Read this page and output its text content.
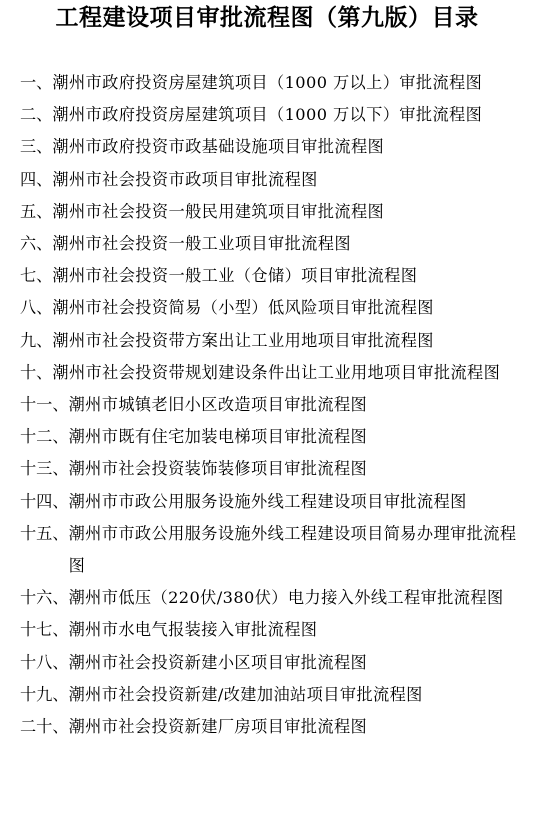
工程建设项目审批流程图（第九版）目录
一、 潮州市政府投资房屋建筑项目（1000 万以上）审批流程图
二、 潮州市政府投资房屋建筑项目（1000 万以下）审批流程图
三、 潮州市政府投资市政基础设施项目审批流程图
四、 潮州市社会投资市政项目审批流程图
五、 潮州市社会投资一般民用建筑项目审批流程图
六、 潮州市社会投资一般工业项目审批流程图
七、 潮州市社会投资一般工业（仓储）项目审批流程图
八、 潮州市社会投资简易（小型）低风险项目审批流程图
九、 潮州市社会投资带方案出让工业用地项目审批流程图
十、 潮州市社会投资带规划建设条件出让工业用地项目审批流程图
十一、 潮州市城镇老旧小区改造项目审批流程图
十二、 潮州市既有住宅加装电梯项目审批流程图
十三、 潮州市社会投资装饰装修项目审批流程图
十四、 潮州市市政公用服务设施外线工程建设项目审批流程图
十五、 潮州市市政公用服务设施外线工程建设项目简易办理审批流程图
十六、 潮州市低压（220伏/380伏）电力接入外线工程审批流程图
十七、 潮州市水电气报装接入审批流程图
十八、 潮州市社会投资新建小区项目审批流程图
十九、 潮州市社会投资新建/改建加油站项目审批流程图
二十、 潮州市社会投资新建厂房项目审批流程图
